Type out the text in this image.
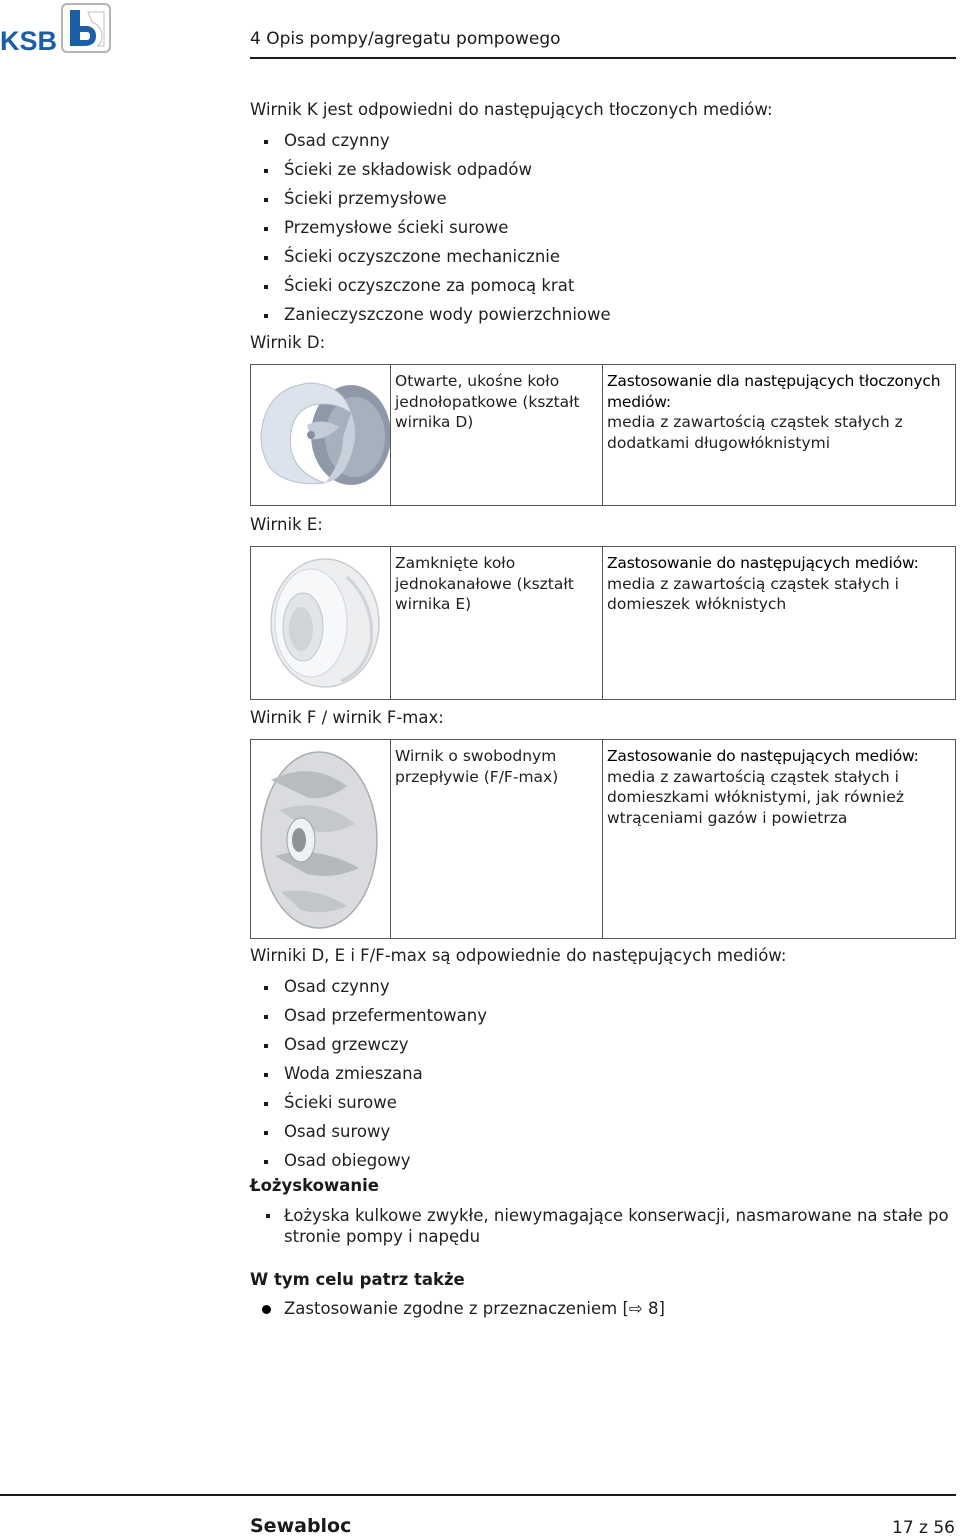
KSB	4 Opis pompy/agregatu pompowego
Wirnik K jest odpowiedni do następujących tłoczonych mediów:
Osad czynny
Ścieki ze składowisk odpadów
Ścieki przemysłowe
Przemysłowe ścieki surowe
Ścieki oczyszczone mechanicznie
Ścieki oczyszczone za pomocą krat
Zanieczyszczone wody powierzchniowe
Wirnik D:
Otwarte, ukośne koło jednołopatkowe (kształt wirnika D)
Zastosowanie dla następujących tłoczonych mediów:
media z zawartością cząstek stałych z dodatkami długowłóknistymi
Wirnik E:
Zamknięte koło jednokanałowe (kształt wirnika E)
Zastosowanie do następujących mediów:
media z zawartością cząstek stałych i domieszek włóknistych
Wirnik F / wirnik F-max:
Wirnik o swobodnym przepływie (F/F-max)
Zastosowanie do następujących mediów:
media z zawartością cząstek stałych i domieszkami włóknistymi, jak również wtrąceniami gazów i powietrza
Wirniki D, E i F/F-max są odpowiednie do następujących mediów:
Osad czynny
Osad przefermentowany
Osad grzewczy
Woda zmieszana
Ścieki surowe
Osad surowy
Osad obiegowy
Łożyskowanie
Łożyska kulkowe zwykłe, niewymagające konserwacji, nasmarowane na stałe po stronie pompy i napędu
W tym celu patrz także
Zastosowanie zgodne z przeznaczeniem [⇨ 8]
Sewabloc	17 z 56
